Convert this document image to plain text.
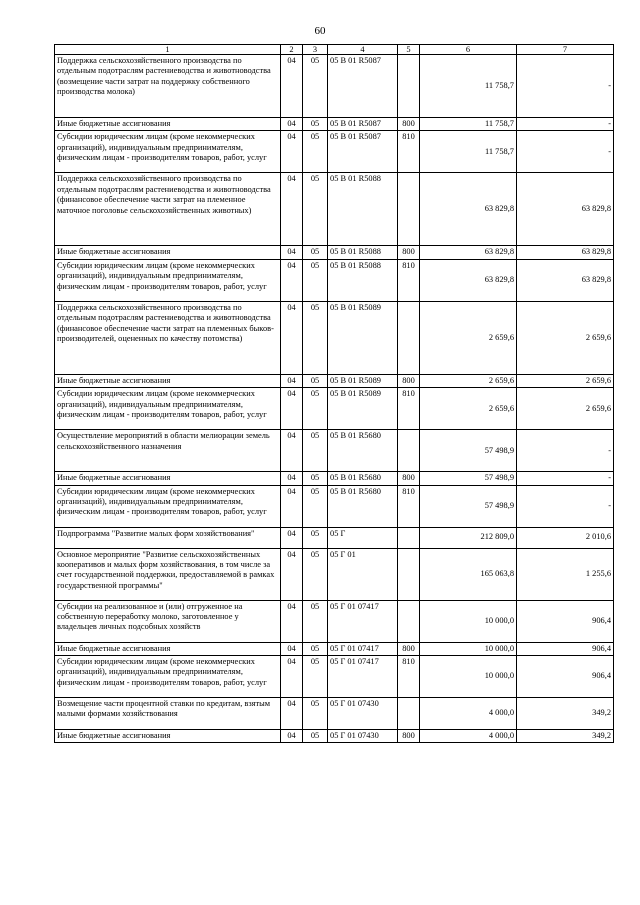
60
1	2	3	4	5	6	7
Поддержка сельскохозяйственного производства по отдельным подотраслям растениеводства и животноводства (возмещение части затрат на поддержку собственного производства молока)	04	05	05 В 01 R5087		11 758,7	-
Иные бюджетные ассигнования	04	05	05 В 01 R5087	800	11 758,7	-
Субсидии юридическим лицам (кроме некоммерческих организаций), индивидуальным предпринимателям, физическим лицам - производителям товаров, работ, услуг	04	05	05 В 01 R5087	810	11 758,7	-
Поддержка сельскохозяйственного производства по отдельным подотраслям растениеводства и животноводства (финансовое обеспечение части затрат на племенное маточное поголовье сельскохозяйственных животных)	04	05	05 В 01 R5088		63 829,8	63 829,8
Иные бюджетные ассигнования	04	05	05 В 01 R5088	800	63 829,8	63 829,8
Субсидии юридическим лицам (кроме некоммерческих организаций), индивидуальным предпринимателям, физическим лицам - производителям товаров, работ, услуг	04	05	05 В 01 R5088	810	63 829,8	63 829,8
Поддержка сельскохозяйственного производства по отдельным подотраслям растениеводства и животноводства (финансовое обеспечение части затрат на племенных быков-производителей, оцененных по качеству потомства)	04	05	05 В 01 R5089		2 659,6	2 659,6
Иные бюджетные ассигнования	04	05	05 В 01 R5089	800	2 659,6	2 659,6
Субсидии юридическим лицам (кроме некоммерческих организаций), индивидуальным предпринимателям, физическим лицам - производителям товаров, работ, услуг	04	05	05 В 01 R5089	810	2 659,6	2 659,6
Осуществление мероприятий в области мелиорации земель сельскохозяйственного назначения	04	05	05 В 01 R5680		57 498,9	-
Иные бюджетные ассигнования	04	05	05 В 01 R5680	800	57 498,9	-
Субсидии юридическим лицам (кроме некоммерческих организаций), индивидуальным предпринимателям, физическим лицам - производителям товаров, работ, услуг	04	05	05 В 01 R5680	810	57 498,9	-
Подпрограмма "Развитие малых форм хозяйствования"	04	05	05 Г		212 809,0	2 010,6
Основное мероприятие "Развитие сельскохозяйственных кооперативов и малых форм хозяйствования, в том числе за счет государственной поддержки, предоставляемой в рамках государственной программы"	04	05	05 Г 01		165 063,8	1 255,6
Субсидии на реализованное и (или) отгруженное на собственную переработку молоко, заготовленное у владельцев личных подсобных хозяйств	04	05	05 Г 01 07417		10 000,0	906,4
Иные бюджетные ассигнования	04	05	05 Г 01 07417	800	10 000,0	906,4
Субсидии юридическим лицам (кроме некоммерческих организаций), индивидуальным предпринимателям, физическим лицам - производителям товаров, работ, услуг	04	05	05 Г 01 07417	810	10 000,0	906,4
Возмещение части процентной ставки по кредитам, взятым малыми формами хозяйствования	04	05	05 Г 01 07430		4 000,0	349,2
Иные бюджетные ассигнования	04	05	05 Г 01 07430	800	4 000,0	349,2
